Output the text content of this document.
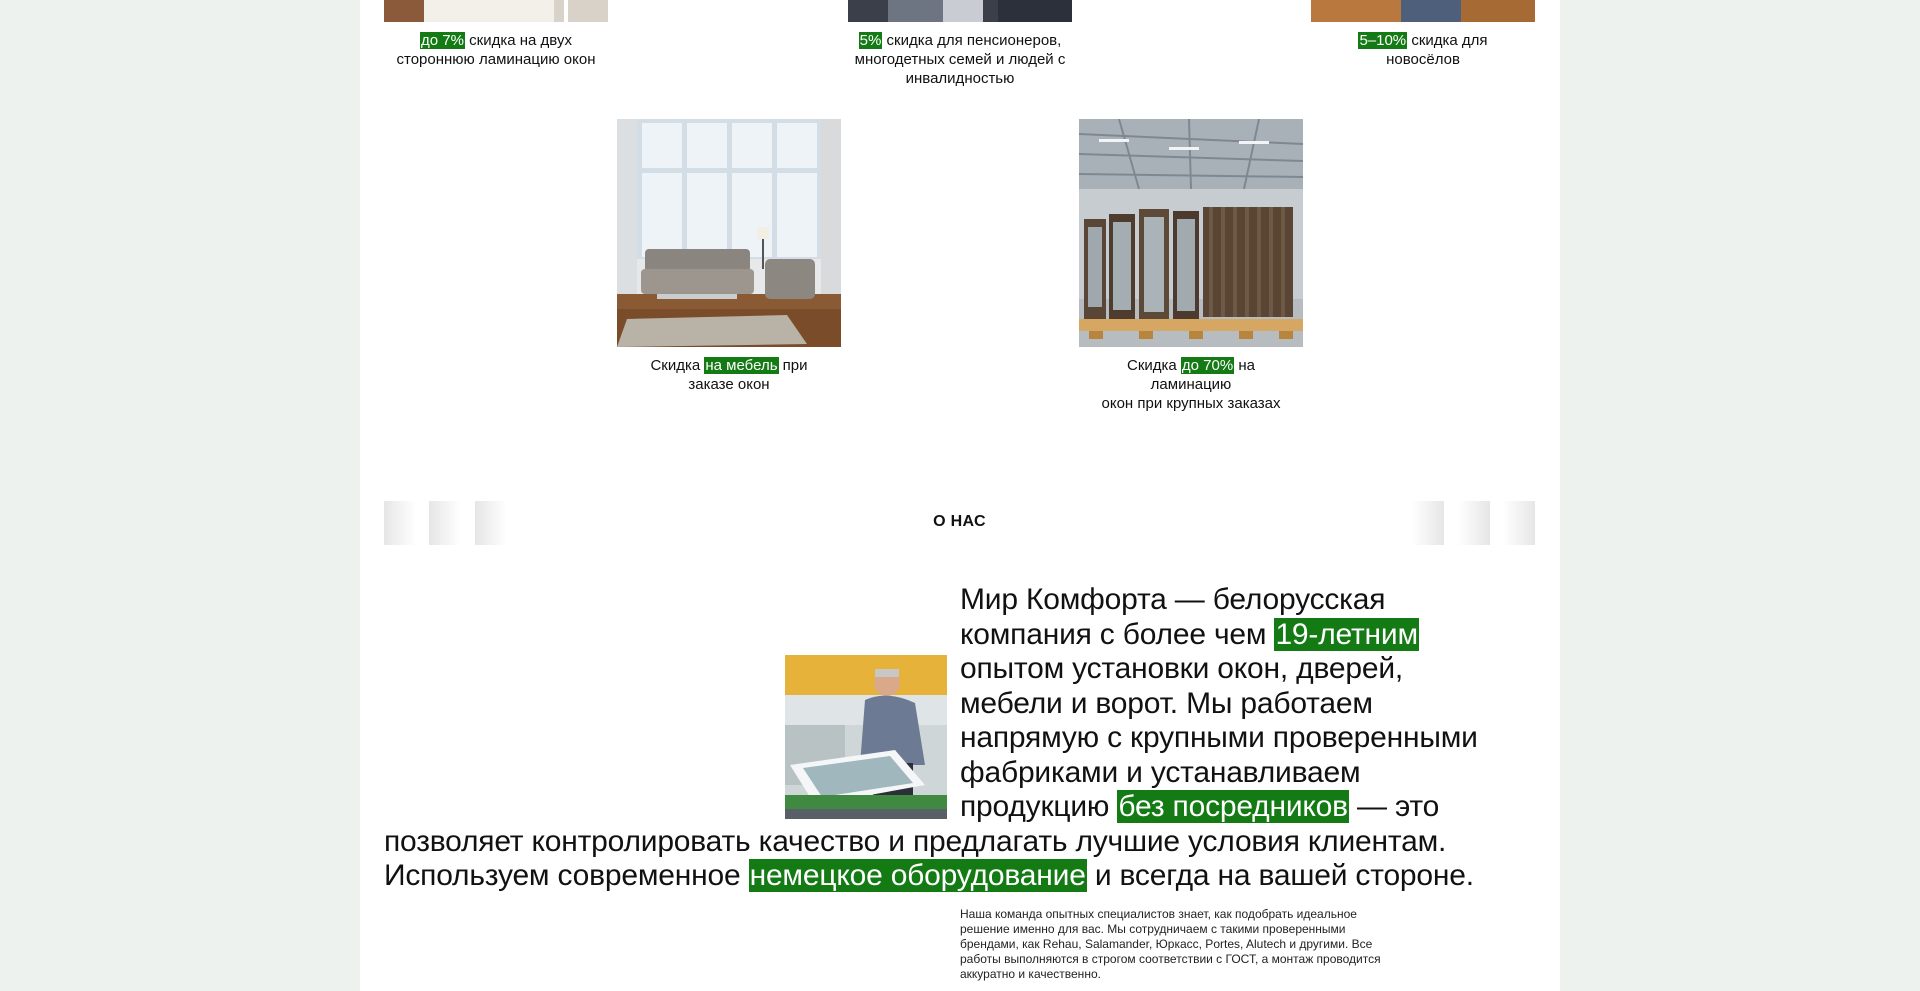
до 7% скидка на двух
стороннюю ламинацию окон
5% скидка для пенсионеров,
многодетных семей и людей с
инвалидностью
5–10% скидка для
новосёлов
Скидка на мебель при
заказе окон
Скидка до 70% на ламинацию
окон при крупных заказах
О НАС
Мир Комфорта — белорусская
компания с более чем 19-летним
опытом установки окон, дверей,
мебели и ворот. Мы работаем
напрямую с крупными проверенными
фабриками и устанавливаем
продукцию без посредников — это
позволяет контролировать качество и предлагать лучшие условия клиентам.
Используем современное немецкое оборудование и всегда на вашей стороне.
Наша команда опытных специалистов знает, как подобрать идеальное решение именно для вас. Мы сотрудничаем с такими проверенными брендами, как Rehau, Salamander, Юркасс, Portes, Alutech и другими. Все работы выполняются в строгом соответствии с ГОСТ, а монтаж проводится аккуратно и качественно.
